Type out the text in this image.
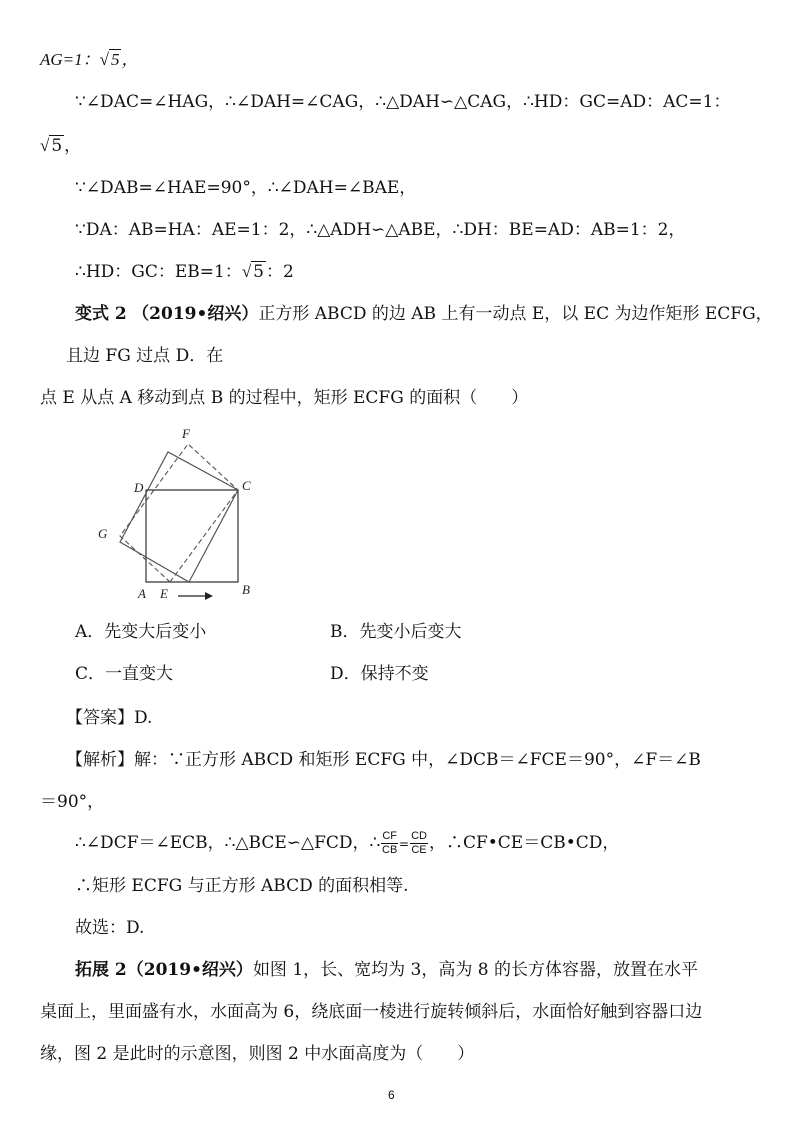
AG=1：√ 5 ，
∵∠DAC=∠HAG，∴∠DAH=∠CAG，∴△DAH∽△CAG，∴HD：GC=AD：AC=1：
√ 5 ，
∵∠DAB=∠HAE=90°，∴∠DAH=∠BAE，
∵DA：AB=HA：AE=1：2，∴△ADH∽△ABE，∴DH：BE=AD：AB=1：2，
∴HD：GC：EB=1：√ 5 ：2
变式 2 （2019•绍兴）正方形 ABCD 的边 AB 上有一动点 E，以 EC 为边作矩形 ECFG，
且边 FG 过点 D．在
点 E 从点 A 移动到点 B 的过程中，矩形 ECFG 的面积（　　）
F
D	C
G
A E	B
A．先变大后变小	B．先变小后变大
C．一直变大	D．保持不变
【答案】D.
【解析】解：∵正方形 ABCD 和矩形 ECFG 中，∠DCB＝∠FCE＝90°，∠F＝∠B
＝90°，
∴∠DCF＝∠ECB，∴△BCE∽△FCD，∴ $\frac{CF}{CB} = \frac{CD}{CE}$ ，∴CF•CE＝CB•CD，
∴矩形 ECFG 与正方形 ABCD 的面积相等.
故选：D.
拓展 2（2019•绍兴）如图 1，长、宽均为 3，高为 8 的长方体容器，放置在水平
桌面上，里面盛有水，水面高为 6，绕底面一棱进行旋转倾斜后，水面恰好触到容器口边
缘，图 2 是此时的示意图，则图 2 中水面高度为（　　）
6
